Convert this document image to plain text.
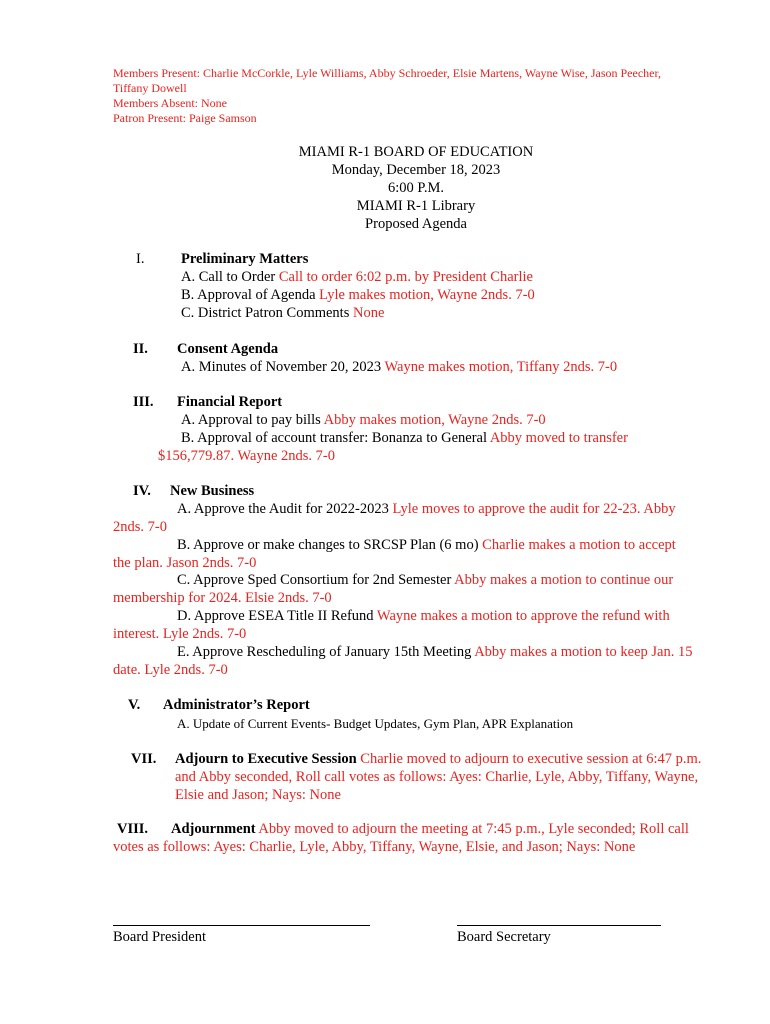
Members Present: Charlie McCorkle, Lyle Williams, Abby Schroeder, Elsie Martens, Wayne Wise, Jason Peecher,
Tiffany Dowell
Members Absent: None
Patron Present: Paige Samson
MIAMI R-1 BOARD OF EDUCATION
Monday, December 18, 2023
6:00 P.M.
MIAMI R-1 Library
Proposed Agenda
I.	Preliminary Matters
A. Call to Order Call to order 6:02 p.m. by President Charlie
B. Approval of Agenda Lyle makes motion, Wayne 2nds. 7-0
C. District Patron Comments None
II. Consent Agenda
A. Minutes of November 20, 2023 Wayne makes motion, Tiffany 2nds. 7-0
III. Financial Report
A. Approval to pay bills Abby makes motion, Wayne 2nds. 7-0
B. Approval of account transfer: Bonanza to General Abby moved to transfer
$156,779.87. Wayne 2nds. 7-0
IV. New Business
A. Approve the Audit for 2022-2023 Lyle moves to approve the audit for 22-23. Abby
2nds. 7-0
B. Approve or make changes to SRCSP Plan (6 mo) Charlie makes a motion to accept
the plan. Jason 2nds. 7-0
C. Approve Sped Consortium for 2nd Semester Abby makes a motion to continue our
membership for 2024. Elsie 2nds. 7-0
D. Approve ESEA Title II Refund Wayne makes a motion to approve the refund with
interest. Lyle 2nds. 7-0
E. Approve Rescheduling of January 15th Meeting Abby makes a motion to keep Jan. 15
date. Lyle 2nds. 7-0
V. Administrator’s Report
A. Update of Current Events- Budget Updates, Gym Plan, APR Explanation
VII. Adjourn to Executive Session Charlie moved to adjourn to executive session at 6:47 p.m.
and Abby seconded, Roll call votes as follows: Ayes: Charlie, Lyle, Abby, Tiffany, Wayne,
Elsie and Jason; Nays: None
VIII. Adjournment Abby moved to adjourn the meeting at 7:45 p.m., Lyle seconded; Roll call
votes as follows: Ayes: Charlie, Lyle, Abby, Tiffany, Wayne, Elsie, and Jason; Nays: None
Board President	Board Secretary
